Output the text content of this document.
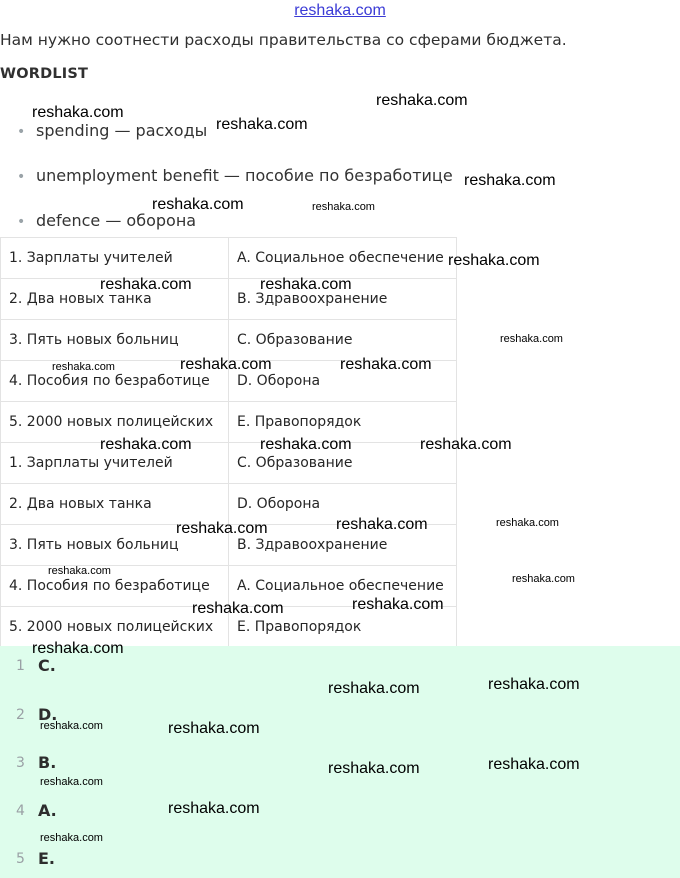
reshaka.com
Нам нужно соотнести расходы правительства со сферами бюджета.
WORDLIST
• spending — расходы
• unemployment benefit — пособие по безработице
• defence — оборона
1. Зарплаты учителей	A. Социальное обеспечение
2. Два новых танка	B. Здравоохранение
3. Пять новых больниц	C. Образование
4. Пособия по безработице	D. Оборона
5. 2000 новых полицейских	E. Правопорядок
1. Зарплаты учителей	C. Образование
2. Два новых танка	D. Оборона
3. Пять новых больниц	B. Здравоохранение
4. Пособия по безработице	A. Социальное обеспечение
5. 2000 новых полицейских	E. Правопорядок
1 C.
2 D.
3 B.
4 A.
5 E.
reshaka.com
reshaka.com
reshaka.com
reshaka.com
reshaka.com	reshaka.com
reshaka.com
reshaka.com	reshaka.com
reshaka.com
reshaka.com	reshaka.com	reshaka.com
reshaka.com	reshaka.com	reshaka.com
reshaka.com	reshaka.com	reshaka.com
reshaka.com
reshaka.com
reshaka.com	reshaka.com
reshaka.com
reshaka.com	reshaka.com
reshaka.com	reshaka.com
reshaka.com	reshaka.com
reshaka.com
reshaka.com
reshaka.com
